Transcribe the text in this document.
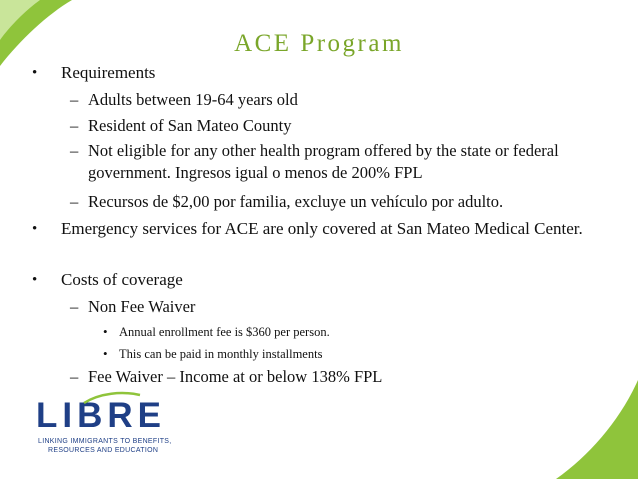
ACE Program
• Requirements
– Adults between 19-64 years old
– Resident of San Mateo County
– Not eligible for any other health program offered by the state or federal government. Ingresos igual o menos de 200% FPL
– Recursos de $2,00 por familia, excluye un vehículo por adulto.
• Emergency services for ACE are only covered at San Mateo Medical Center.
• Costs of coverage
– Non Fee Waiver
• Annual enrollment fee is $360 per person.
• This can be paid in monthly installments
– Fee Waiver – Income at or below 138% FPL
LIBRE
LINKING IMMIGRANTS TO BENEFITS,
RESOURCES AND EDUCATION
